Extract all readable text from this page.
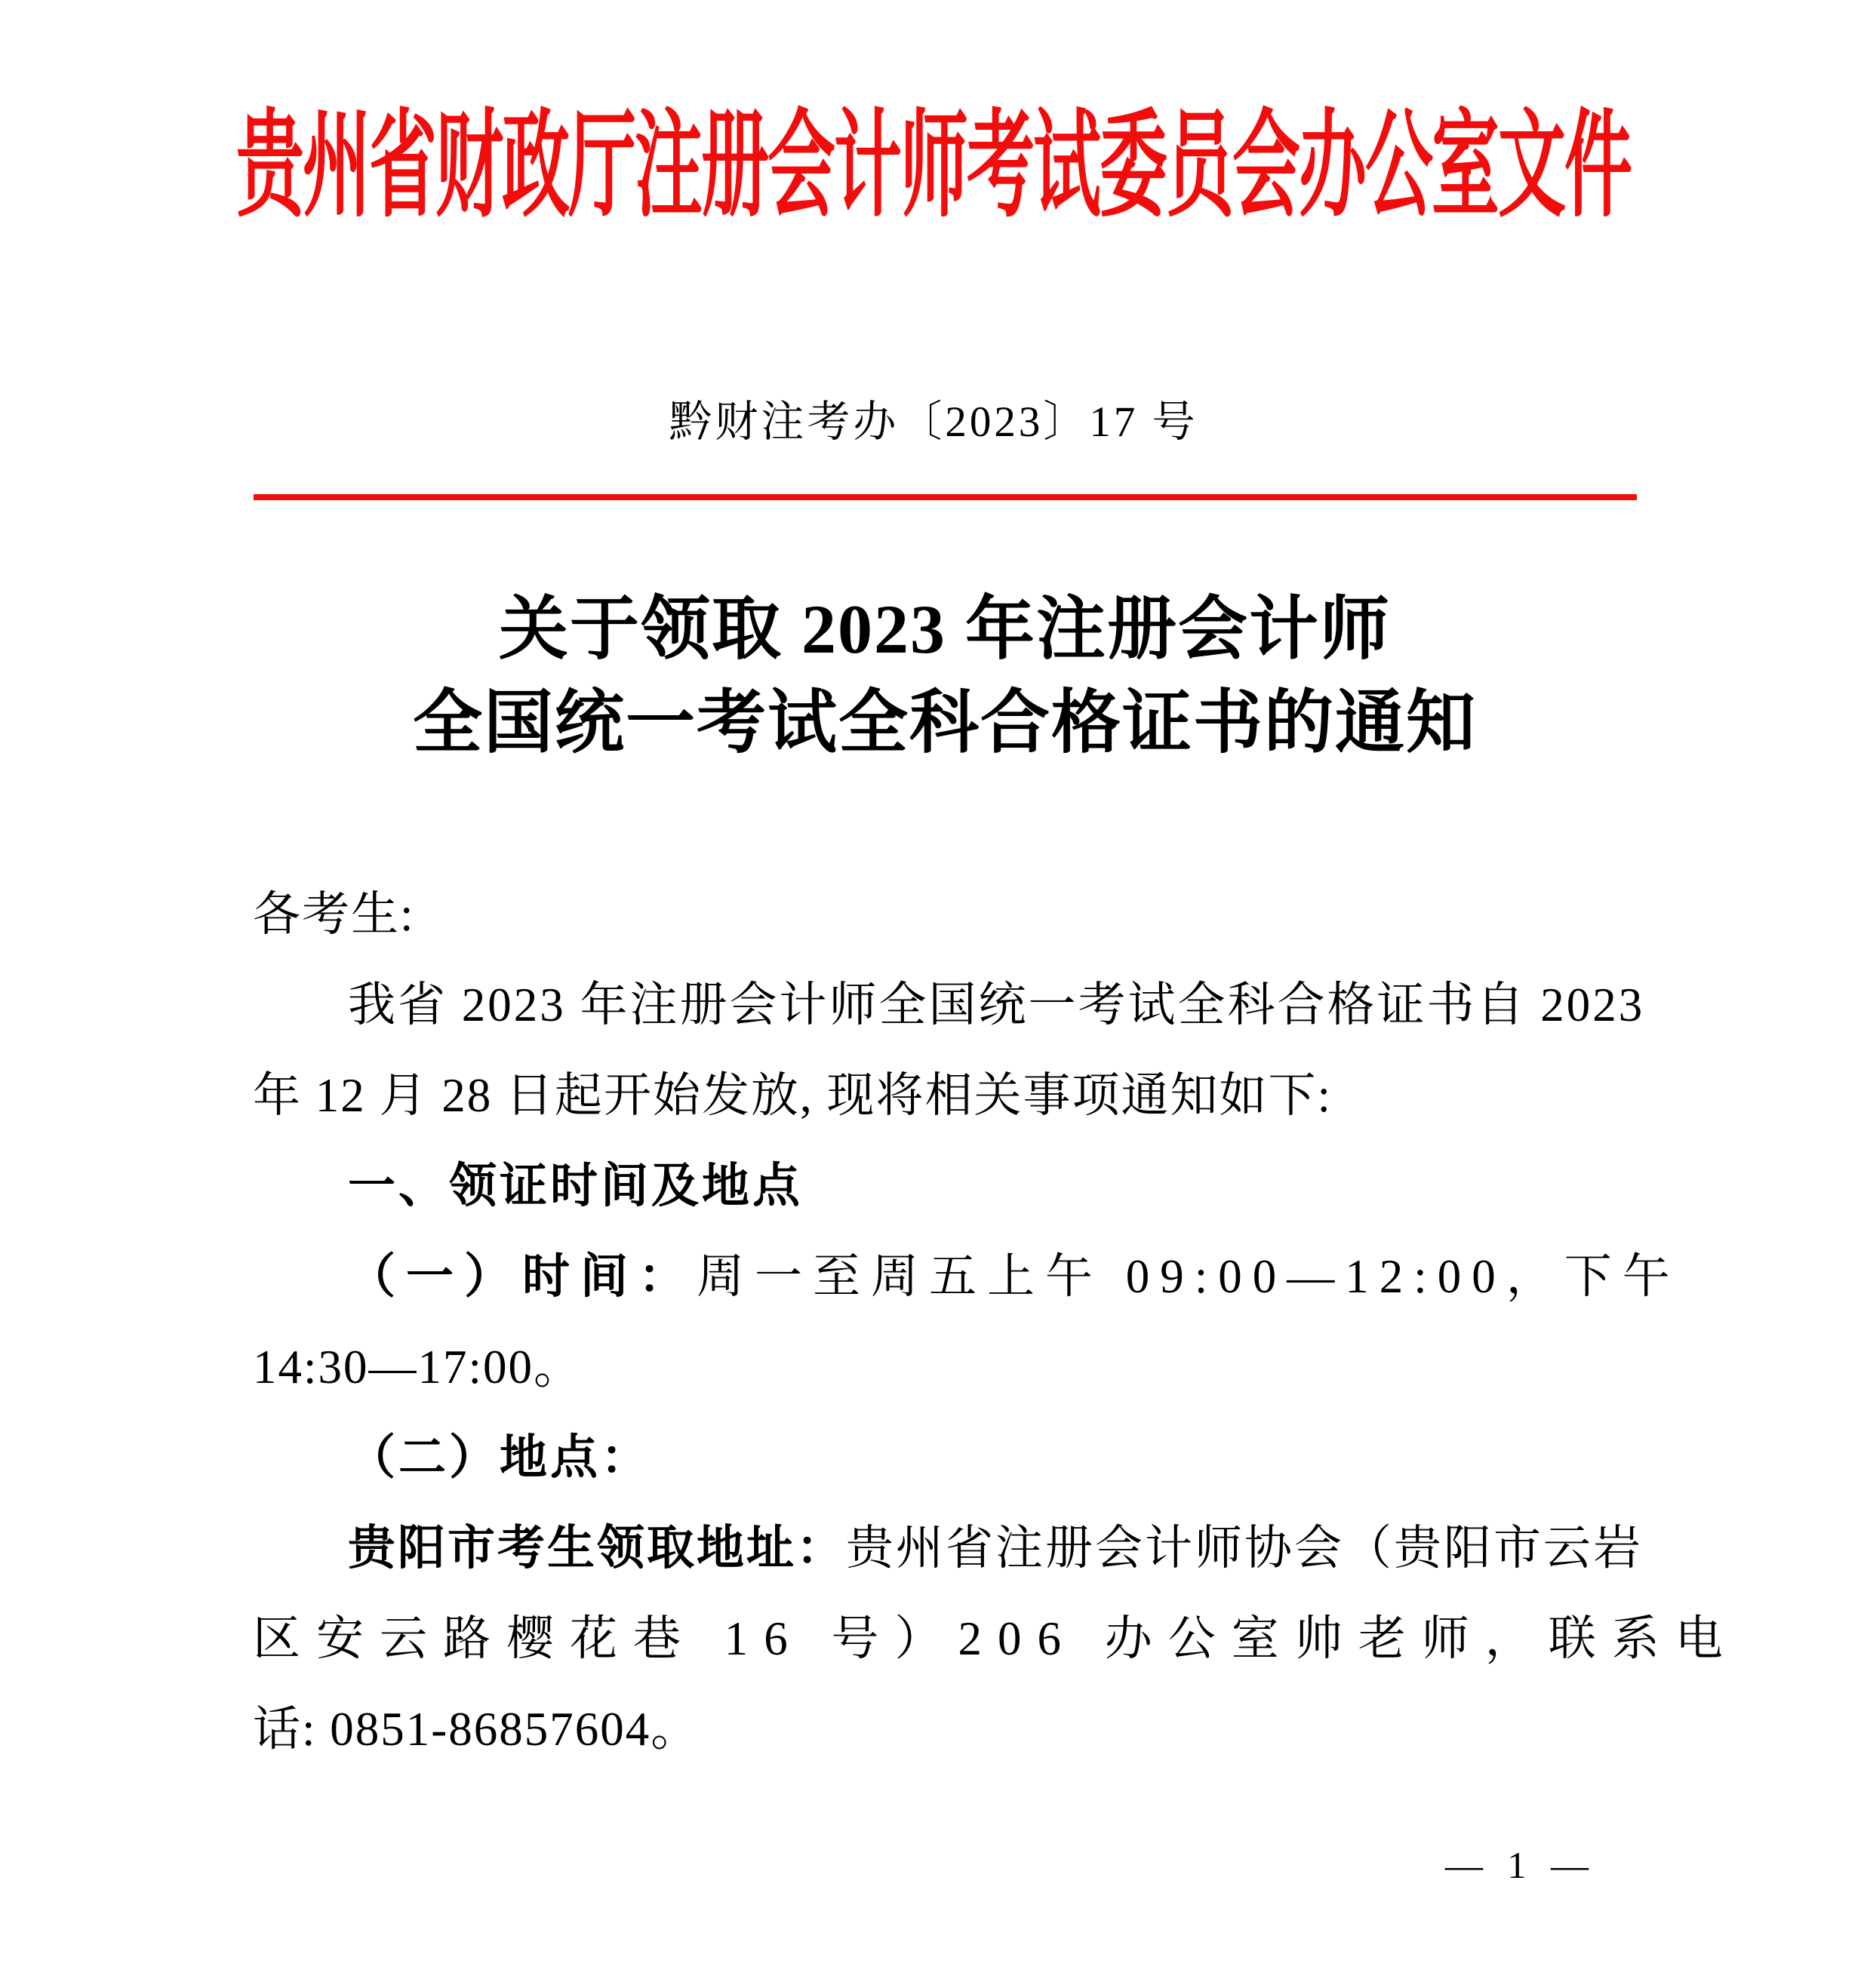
贵州省财政厅注册会计师考试委员会办公室文件
黔财注考办〔2023〕17 号
关于领取 2023 年注册会计师
全国统一考试全科合格证书的通知
各考生:
我省 2023 年注册会计师全国统一考试全科合格证书自 2023
年 12 月 28 日起开始发放, 现将相关事项通知如下:
一、领证时间及地点
（一）时间：周一至周五上午 09:00—12:00，下午
14:30—17:00。
（二）地点：
贵阳市考生领取地址：贵州省注册会计师协会（贵阳市云岩
区安云路樱花巷 16 号）206 办公室帅老师，联系电
话: 0851-86857604。
— 1 —
